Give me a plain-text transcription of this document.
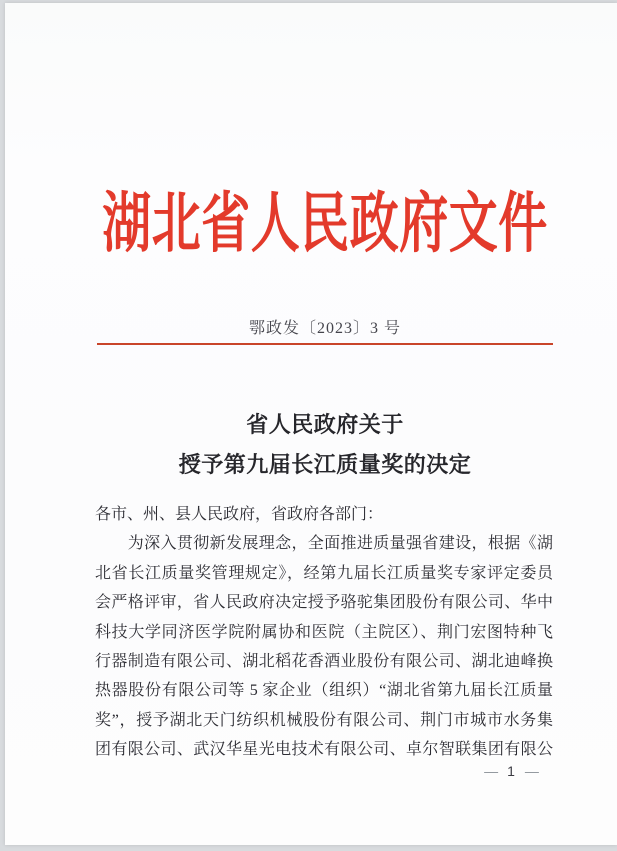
湖北省人民政府文件
鄂政发〔2023〕3 号
省人民政府关于
授予第九届长江质量奖的决定
各市、州、县人民政府，省政府各部门：
　　为深入贯彻新发展理念，全面推进质量强省建设，根据《湖
北省长江质量奖管理规定》，经第九届长江质量奖专家评定委员
会严格评审，省人民政府决定授予骆驼集团股份有限公司、华中
科技大学同济医学院附属协和医院（主院区）、荆门宏图特种飞
行器制造有限公司、湖北稻花香酒业股份有限公司、湖北迪峰换
热器股份有限公司等 5 家企业（组织）“湖北省第九届长江质量
奖”，授予湖北天门纺织机械股份有限公司、荆门市城市水务集
团有限公司、武汉华星光电技术有限公司、卓尔智联集团有限公
— 1 —
